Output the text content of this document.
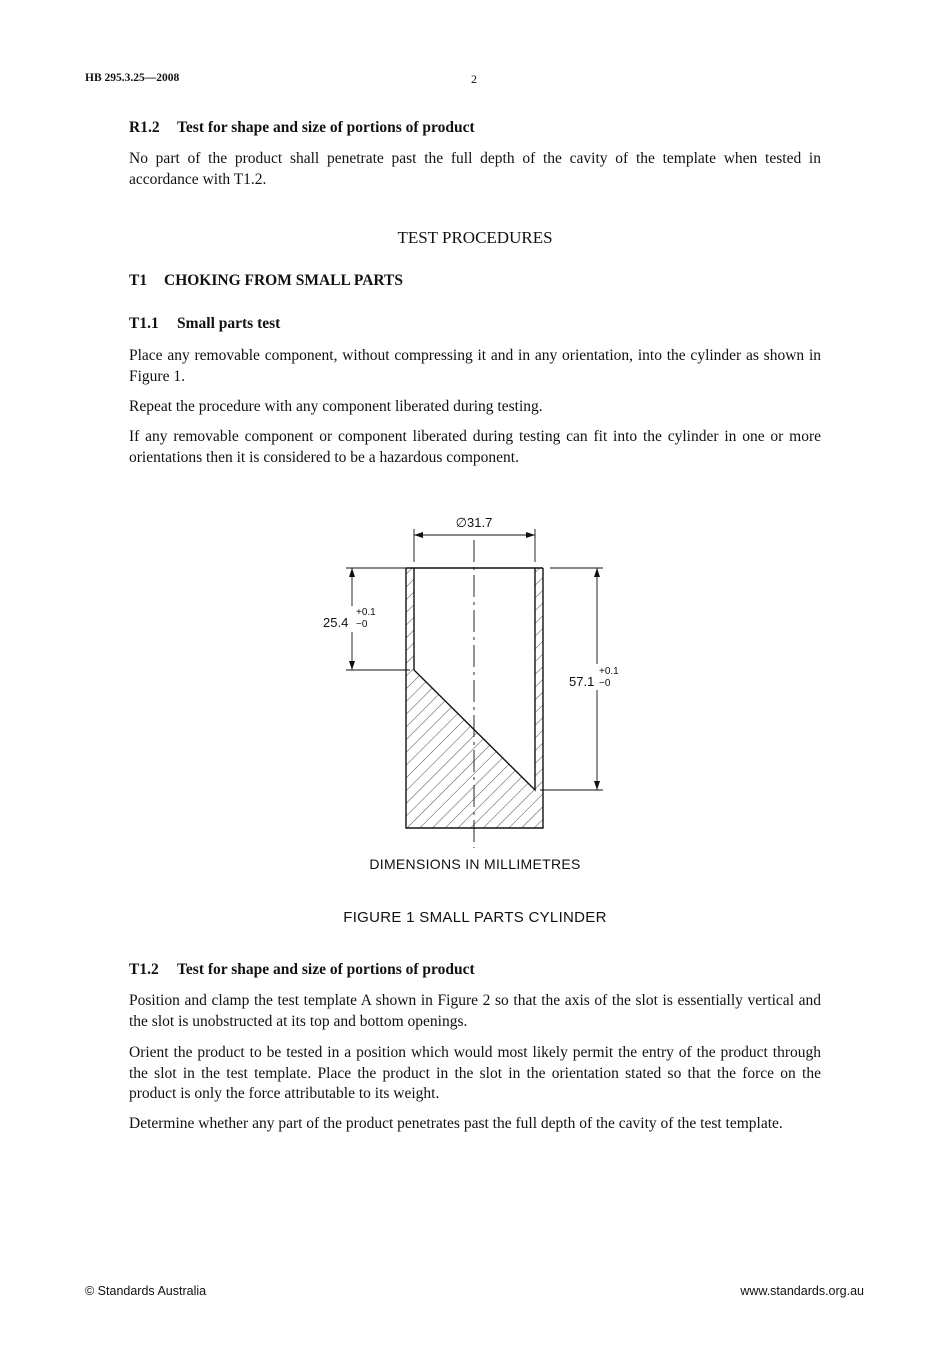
HB 295.3.25—2008	2
R1.2 Test for shape and size of portions of product

No part of the product shall penetrate past the full depth of the cavity of the template when tested in accordance with T1.2.

TEST PROCEDURES
T1 CHOKING FROM SMALL PARTS
T1.1 Small parts test

Place any removable component, without compressing it and in any orientation, into the cylinder as shown in Figure 1.

Repeat the procedure with any component liberated during testing.

If any removable component or component liberated during testing can fit into the cylinder in one or more orientations then it is considered to be a hazardous component.

T1.2 Test for shape and size of portions of product

Position and clamp the test template A shown in Figure 2 so that the axis of the slot is essentially vertical and the slot is unobstructed at its top and bottom openings.

Orient the product to be tested in a position which would most likely permit the entry of the product through the slot in the test template. Place the product in the slot in the orientation stated so that the force on the product is only the force attributable to its weight.

Determine whether any part of the product penetrates past the full depth of the cavity of the test template.

∅31.7
25.4
+0.1
−0
57.1
+0.1
−0
DIMENSIONS IN MILLIMETRES
FIGURE 1 SMALL PARTS CYLINDER
© Standards Australia	www.standards.org.au
